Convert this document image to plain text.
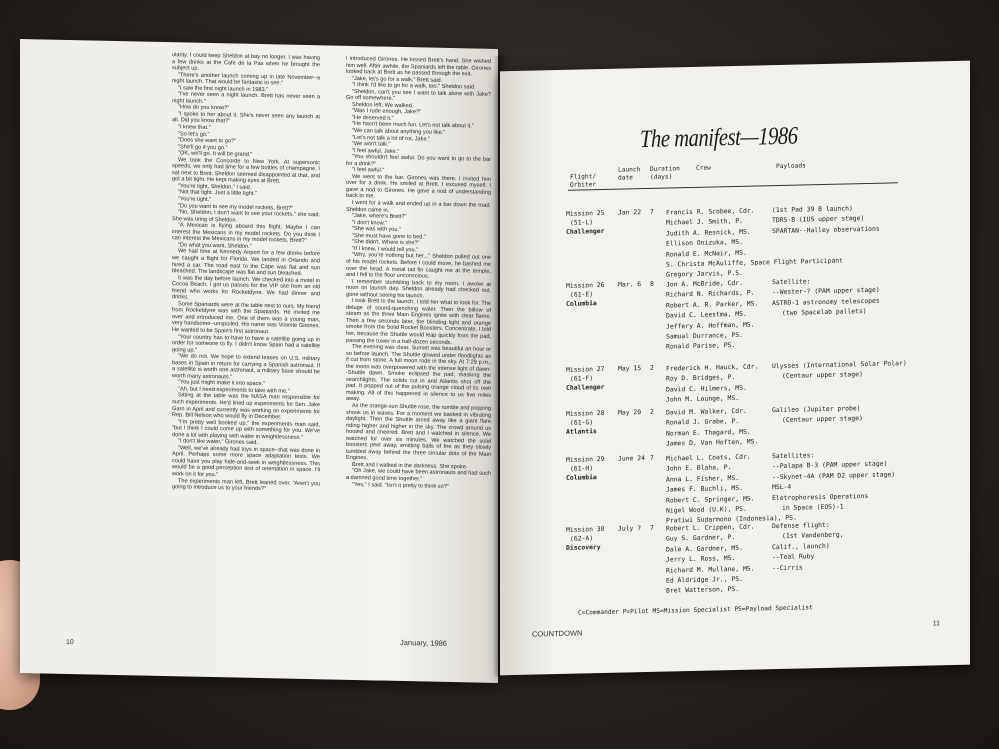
ularity. I could keep Sheldon at bay no longer. I was having a few drinks at the Cafe de la Pax when he brought the subject up.

"There's another launch coming up in late November--a night launch. That would be fantastic to see."

"I saw the first night launch in 1983."

"I've never seen a night launch. Brett has never seen a night launch."

"How do you know?"

"I spoke to her about it. She's never seen any launch at all. Did you know that?"

"I knew that."

"So let's go."

"Does she want to go?"

"She'll go if you go."

"OK, we'll go. It will be grand."

We took the Concorde to New York. At supersonic speeds, we only had time for a few bottles of champagne. I sat next to Brett. Sheldon seemed disappointed at that, and got a bit tight. He kept making eyes at Brett.

"You're tight, Sheldon," I said.

"Not that tight. Just a little tight."

"You're tight."

"Do you want to see my model rockets, Brett?"

"No, Sheldon, I don't want to see your rockets," she said. She was tiring of Sheldon.

"A Mexican is flying aboard this flight. Maybe I can interest the Mexicans in my model rockets. Do you think I can interest the Mexicans in my model rockets, Brett?"

"Do what you want, Sheldon."

We had time at Kennedy Airport for a few drinks before we caught a flight for Florida. We landed in Orlando and hired a car. The road east to the Cape was flat and sun bleached. The landscape was flat and sun bleached.

It was the day before launch. We checked into a motel in Cocoa Beach. I got us passes for the VIP site from an old friend who works for Rocketdyne. We had dinner and drinks.

Some Spaniards were at the table next to ours. My friend from Rocketdyne was with the Spaniards. He invited me over and introduced me. One of them was a young man, very handsome--unspoiled. His name was Vicente Girones. He wanted to be Spain's first astronaut.

"Your country has to have to have a satellite going up in order for someone to fly. I didn't know Spain had a satellite going up."

"We do not. We hope to extend leases on U.S. military bases in Spain in return for carrying a Spanish astronaut. If a satellite is worth one astronaut, a military base should be worth many astronauts."

"You just might make it into space."

"Ah, but I need experiments to take with me."

Sitting at the table was the NASA man responsible for such experiments. He'd lined up experiments for Sen. Jake Garn in April and currently was working on experiments for Rep. Bill Nelson who would fly in December.

"I'm pretty well booked up," the experiments man said, "but I think I could come up with something for you. We've done a lot with playing with water in weightlessness."

"I don't like water," Girones said.

"Well, we've already had toys in space--that was done in April. Perhaps some more space adaptation tests. We could have you play hide-and-seek in weightlessness. This would be a good perception test of orientation in space. I'll work on it for you."

The experiments man left. Brett leaned over. "Aren't you going to introduce us to your friends?"

I introduced Girones. He kissed Brett's hand. She wished him well. After awhile, the Spaniards left the table. Girones looked back at Brett as he passed through the exit.

"Jake, let's go for a walk," Brett said.

"I think I'd like to go for a walk, too," Sheldon said.

"Sheldon, can't you see I want to talk alone with Jake? Go off somewhere."

Sheldon left. We walked.

"Was I rude enough, Jake?"

"He deserved it."

"He hasn't been much fun. Let's not talk about it."

"We can talk about anything you like."

"Let's not talk a lot of rot, Jake."

"We won't talk."

"I feel awful, Jake."

"You shouldn't feel awful. Do you want to go to the bar for a drink?"

"I feel awful."

We went to the bar. Girones was there. I invited him over for a drink. He smiled at Brett. I excused myself. I gave a nod to Girones. He gave a nod of understanding back to me.

I went for a walk and ended up in a bar down the road. Sheldon came in.

"Jake, where's Brett?"

"I don't know."

"She was with you."

"She must have gone to bed."

"She didn't. Where is she?"

"If I knew, I would tell you."

"Why, you're nothing but her..." Sheldon pulled out one of his model rockets. Before I could move, he bashed me over the head. A metal tail fin caught me at the temple, and I fell to the floor unconscious.

I remember stumbling back to my room. I awoke at noon on launch day. Sheldon already had checked out, gone without seeing his launch.

I took Brett to the launch. I told her what to look for. The deluge of sound-quenching water. Then the billow of steam as the three Main Engines ignite with clear flame. Then a few seconds later, the blinding light and orange smoke from the Solid Rocket Boosters. Concentrate, I told her, because the Shuttle would leap quickly from the pad, passing the tower in a half-dozen seconds.

The evening was clear. Sunset was beautiful an hour or so before launch. The Shuttle glowed under floodlights as if cut from stone. A full moon rode in the sky. At 7:29 p.m., the moon was overpowered with the intense light of dawn--Shuttle dawn. Smoke eclipsed the pad, masking the searchlights. The solids cut in and Atlantis shot off the pad. It popped out of the pulsing orange cloud of its own making. All of this happened in silence to us five miles away.

As the orange-sun Shuttle rose, the rumble and popping shook us in waves. For a moment we basked in vibrating daylight. Then the Shuttle arced away like a giant flare riding higher and higher in the sky. The crowd around us hooted and cheered. Brett and I watched in silence. We watched for over six minutes. We watched the solid boosters peel away, emitting balls of fire as they slowly tumbled away behind the three circular dots of the Main Engines.

Brett and I walked in the darkness. She spoke.

"Oh Jake, we could have been astronauts and had such a damned good time together."

"Yes," I said. "Isn't it pretty to think so?"

10	January, 1986
The manifest—1986
Flight/
Orbiter
Launch
date
Duration
(days)
Crew	Payloads
Mission 25
(51-L)
Challenger
Jan 22 7 Francis R. Scobee, Cdr.
Michael J. Smith, P.
Judith A. Resnick, MS.
Ellison Onizuka, MS.
Ronald E. McNair, MS.
S. Christa McAuliffe, Space Flight Participant
Gregory Jarvis, P.S.
(1st Pad 39 B launch)
TDRS-B (IUS upper stage)
SPARTAN--Halley observations
Mission 26
(61-E)
Columbia
Mar. 6 8 Jon A. McBride, Cdr.
Richard N. Richards, P.
Robert A. R. Parker, MS.
David C. Leestma, MS.
Jeffery A. Hoffman, MS.
Samual Durrance, PS.
Ronald Parise, PS.
Satellite:
--Wester-? (PAM upper stage)
ASTRO-1 astronomy telescopes
(two Spacelab pallets)
Mission 27
(61-F)
Challenger
May 15 2 Frederick H. Hauck, Cdr.
Roy D. Bridges, P.
David C. Hilmers, MS.
John M. Lounge, MS.
Ulysses (International Solar Polar)
(Centaur upper stage)
Mission 28
(61-G)
Atlantis
May 20 2 David M. Walker, Cdr.
Ronald J. Grabe, P.
Norman E. Thagard, MS.
James D. Van Hoften, MS.
Galileo (Jupiter probe)
(Centaur upper stage)
Mission 29
(61-H)
Columbia
June 24 7 Michael L. Coats, Cdr.
John E. Blaha, P.
Anna L. Fisher, MS.
James F. Buchli, MS.
Robert C. Springer, MS.
Nigel Wood (U.K), PS.
Pratiwi Sudarmono (Indonesia), PS.
Satellites:
--Palapa B-3 (PAM upper stage)
--Skynet-4A (PAM D2 upper stage)
MSL-4
Eletrophoresis Operations
in Space (EOS)-1
Mission 30
(62-A)
Discovery
July ? 7 Robert L. Crippen, Cdr.
Guy S. Gardner, P.
Dale A. Gardner, MS.
Jerry L. Ross, MS.
Richard M. Mullane, MS.
Ed Aldridge Jr., PS.
Bret Watterson, PS.
Defense flight:
(1st Vandenberg,
Calif., launch)
--Teal Ruby
--Cirris
C=Commander P=Pilot MS=Mission Specialist PS=Payload Specialist
COUNTDOWN
11
